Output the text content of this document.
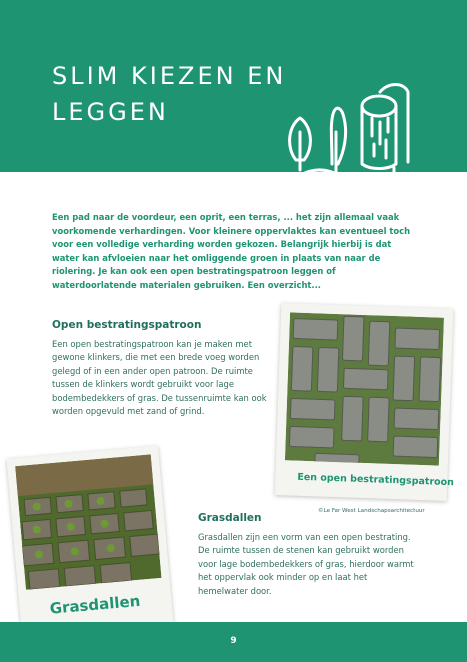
SLIM KIEZEN EN LEGGEN
Een pad naar de voordeur, een oprit, een terras, ... het zijn allemaal vaak voorkomende verhardingen. Voor kleinere oppervlaktes kan eventueel toch voor een volledige verharding worden gekozen. Belangrijk hierbij is dat water kan afvloeien naar het omliggende groen in plaats van naar de riolering. Je kan ook een open bestratingspatroon leggen of waterdoorlatende materialen gebruiken. Een overzicht...
Open bestratingspatroon

Een open bestratingspatroon kan je maken met gewone klinkers, die met een brede voeg worden gelegd of in een ander open patroon. De ruimte tussen de klinkers wordt gebruikt voor lage bodembedekkers of gras. De tussenruimte kan ook worden opgevuld met zand of grind.

Een open bestratingspatroon
©Le Far West Landschapsarchitectuur
Grasdallen
Grasdallen

Grasdallen zijn een vorm van een open bestrating. De ruimte tussen de stenen kan gebruikt worden voor lage bodembedekkers of gras, hierdoor warmt het oppervlak ook minder op en laat het hemelwater door.

9
